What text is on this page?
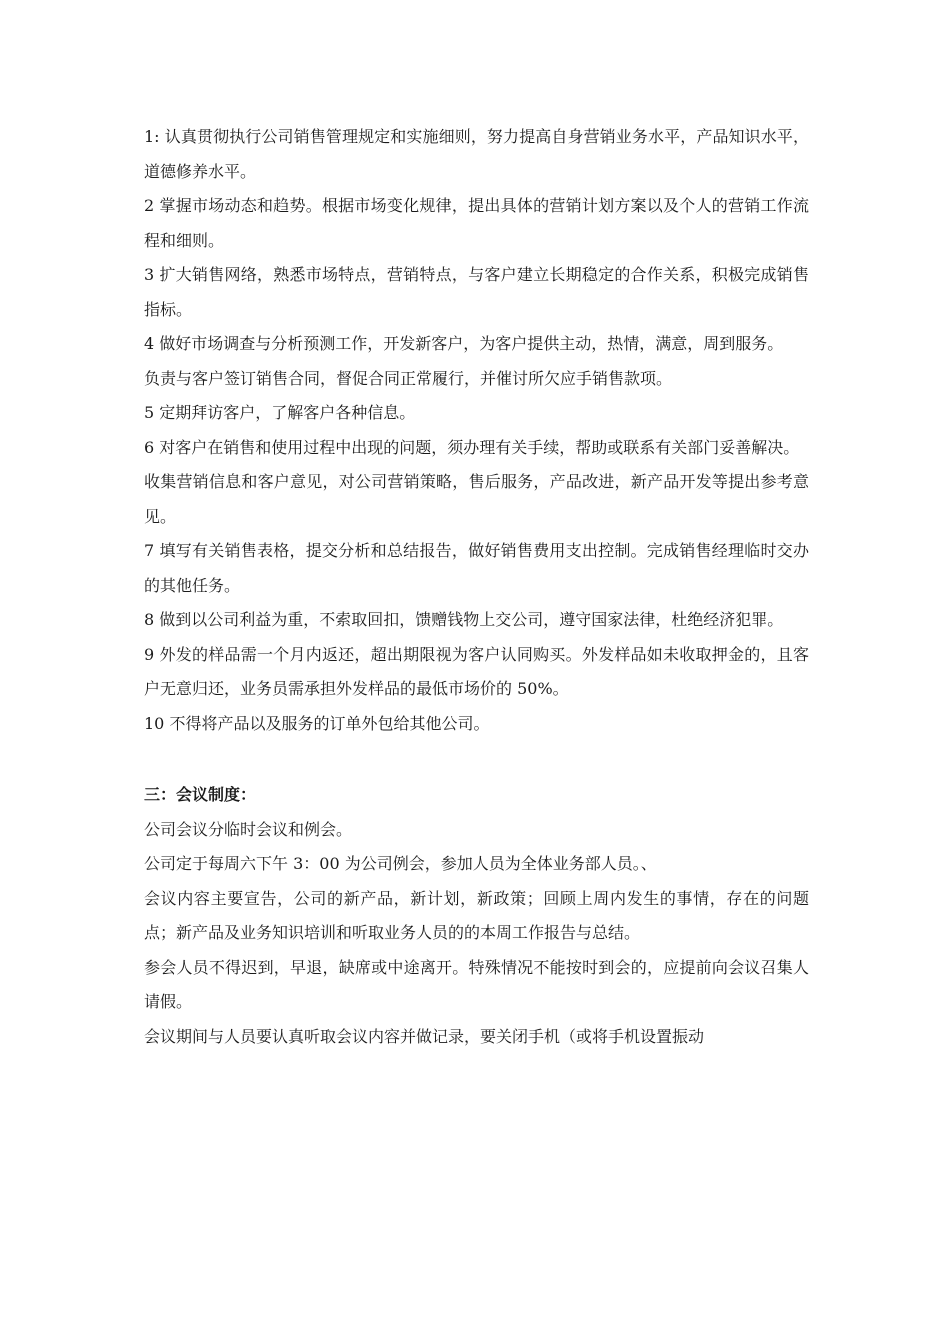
1: 认真贯彻执行公司销售管理规定和实施细则，努力提高自身营销业务水平，产品知识水平，道德修养水平。

2 掌握市场动态和趋势。根据市场变化规律，提出具体的营销计划方案以及个人的营销工作流程和细则。

3 扩大销售网络，熟悉市场特点，营销特点，与客户建立长期稳定的合作关系，积极完成销售指标。

4 做好市场调查与分析预测工作，开发新客户，为客户提供主动，热情，满意，周到服务。

负责与客户签订销售合同，督促合同正常履行，并催讨所欠应手销售款项。

5 定期拜访客户，了解客户各种信息。

6 对客户在销售和使用过程中出现的问题，须办理有关手续，帮助或联系有关部门妥善解决。

收集营销信息和客户意见，对公司营销策略，售后服务，产品改进，新产品开发等提出参考意见。

7 填写有关销售表格，提交分析和总结报告，做好销售费用支出控制。完成销售经理临时交办的其他任务。

8 做到以公司利益为重，不索取回扣，馈赠钱物上交公司，遵守国家法律，杜绝经济犯罪。

9 外发的样品需一个月内返还，超出期限视为客户认同购买。外发样品如未收取押金的，且客户无意归还，业务员需承担外发样品的最低市场价的 50%。

10 不得将产品以及服务的订单外包给其他公司。

三：会议制度：

公司会议分临时会议和例会。

公司定于每周六下午 3：00 为公司例会，参加人员为全体业务部人员。、

会议内容主要宣告，公司的新产品，新计划，新政策；回顾上周内发生的事情，存在的问题点；新产品及业务知识培训和听取业务人员的的本周工作报告与总结。

参会人员不得迟到，早退，缺席或中途离开。特殊情况不能按时到会的，应提前向会议召集人请假。

会议期间与人员要认真听取会议内容并做记录，要关闭手机（或将手机设置振动
